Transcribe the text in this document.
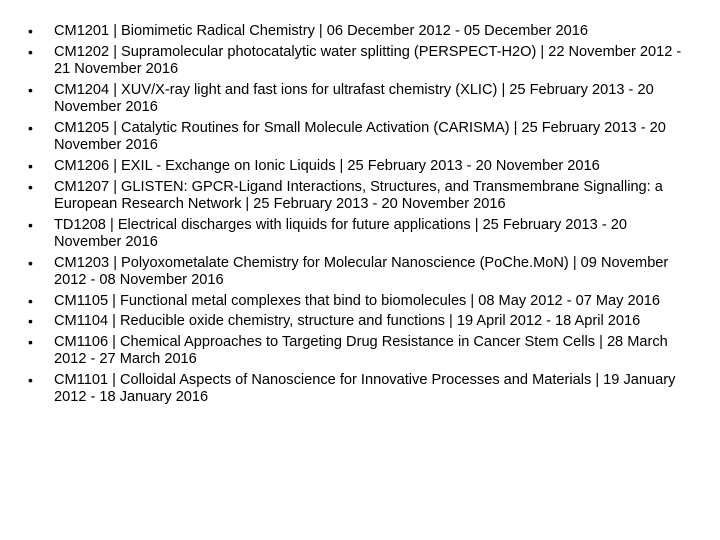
•	CM1201 | Biomimetic Radical Chemistry | 06 December 2012 - 05 December 2016
•	CM1202 | Supramolecular photocatalytic water splitting (PERSPECT-H2O) | 22 November 2012 - 21 November 2016
•	CM1204 | XUV/X-ray light and fast ions for ultrafast chemistry (XLIC) | 25 February 2013 - 20 November 2016
•	CM1205 | Catalytic Routines for Small Molecule Activation (CARISMA) | 25 February 2013 - 20 November 2016
•	CM1206 | EXIL - Exchange on Ionic Liquids | 25 February 2013 - 20 November 2016
•	CM1207 | GLISTEN: GPCR-Ligand Interactions, Structures, and Transmembrane Signalling: a European Research Network | 25 February 2013 - 20 November 2016
•	TD1208 | Electrical discharges with liquids for future applications | 25 February 2013 - 20 November 2016
•	CM1203 | Polyoxometalate Chemistry for Molecular Nanoscience (PoChe.MoN) | 09 November 2012 - 08 November 2016
•	CM1105 | Functional metal complexes that bind to biomolecules | 08 May 2012 - 07 May 2016
•	CM1104 | Reducible oxide chemistry, structure and functions | 19 April 2012 - 18 April 2016
•	CM1106 | Chemical Approaches to Targeting Drug Resistance in Cancer Stem Cells | 28 March 2012 - 27 March 2016
•	CM1101 | Colloidal Aspects of Nanoscience for Innovative Processes and Materials | 19 January 2012 - 18 January 2016
